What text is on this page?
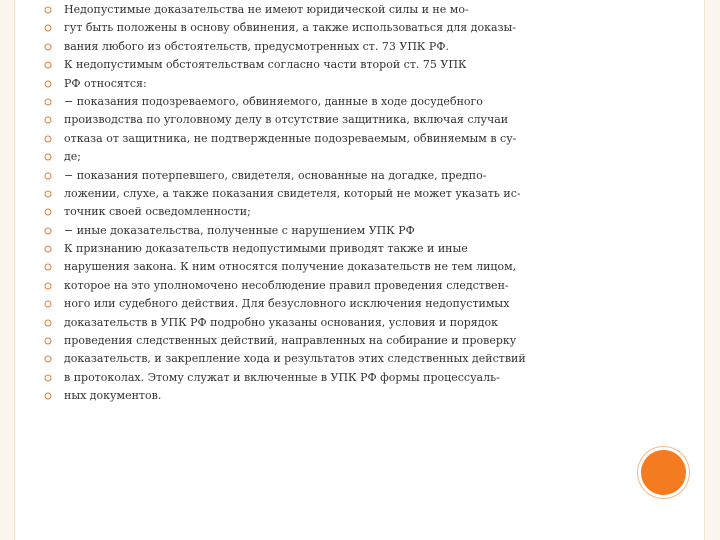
Недопустимые доказательства не имеют юридической силы и не мо-
гут быть положены в основу обвинения, а также использоваться для доказы-
вания любого из обстоятельств, предусмотренных ст. 73 УПК РФ.
К недопустимым обстоятельствам согласно части второй ст. 75 УПК
РФ относятся:
− показания подозреваемого, обвиняемого, данные в ходе досудебного
производства по уголовному делу в отсутствие защитника, включая случаи
отказа от защитника, не подтвержденные подозреваемым, обвиняемым в су-
де;
− показания потерпевшего, свидетеля, основанные на догадке, предпо-
ложении, слухе, а также показания свидетеля, который не может указать ис-
точник своей осведомленности;
− иные доказательства, полученные с нарушением УПК РФ
К признанию доказательств недопустимыми приводят также и иные
нарушения закона. К ним относятся получение доказательств не тем лицом,
которое на это уполномочено несоблюдение правил проведения следствен-
ного или судебного действия. Для безусловного исключения недопустимых
доказательств в УПК РФ подробно указаны основания, условия и порядок
проведения следственных действий, направленных на собирание и проверку
доказательств, и закрепление хода и результатов этих следственных действий
в протоколах. Этому служат и включенные в УПК РФ формы процессуаль-
ных документов.
